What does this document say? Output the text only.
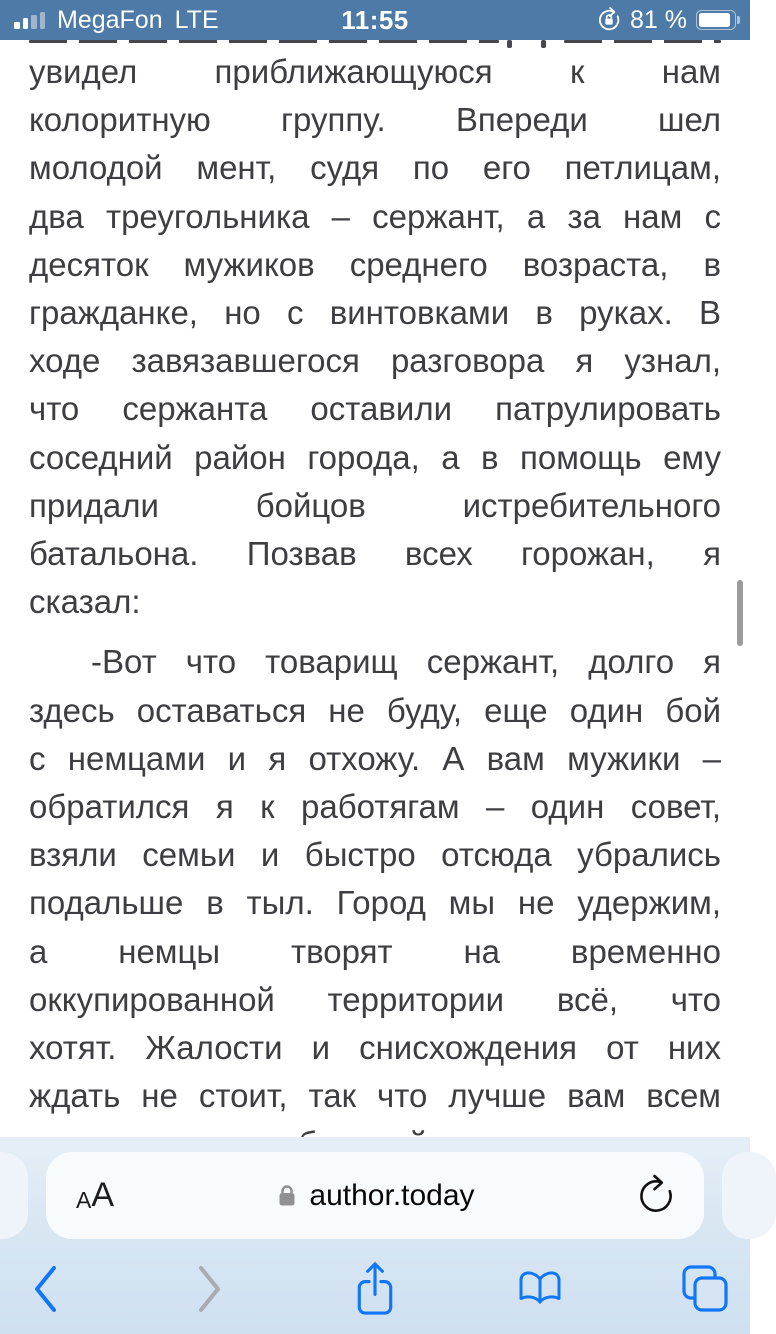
MegaFon LTE	11:55	81 %
увидел приближающуюся к нам
колоритную группу. Впереди шел
молодой мент, судя по его петлицам,
два треугольника – сержант, а за нам с
десяток мужиков среднего возраста, в
гражданке, но с винтовками в руках. В
ходе завязавшегося разговора я узнал,
что сержанта оставили патрулировать
соседний район города, а в помощь ему
придали бойцов истребительного
батальона. Позвав всех горожан, я
сказал:
-Вот что товарищ сержант, долго я
здесь оставаться не буду, еще один бой
с немцами и я отхожу. А вам мужики –
обратился я к работягам – один совет,
взяли семьи и быстро отсюда убрались
подальше в тыл. Город мы не удержим,
а немцы творят на временно
оккупированной территории всё, что
хотят. Жалости и снисхождения от них
ждать не стоит, так что лучше вам всем
A A	author.today
